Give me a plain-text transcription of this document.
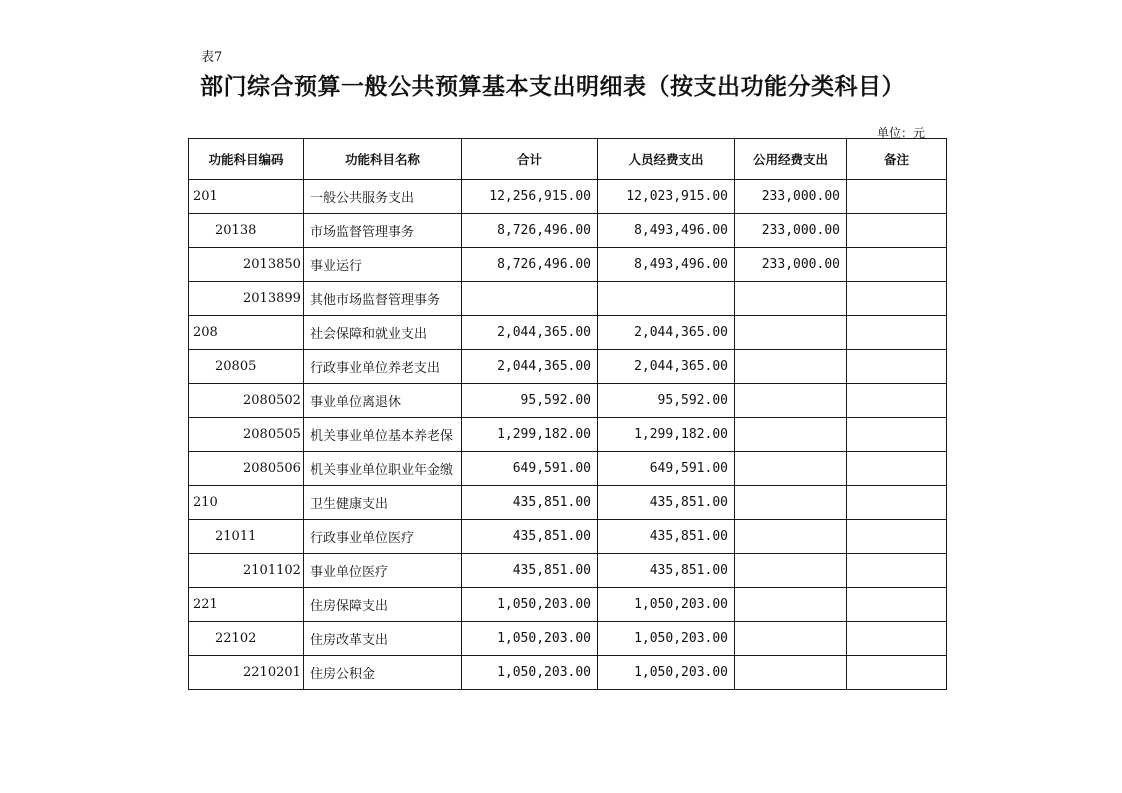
表7
部门综合预算一般公共预算基本支出明细表（按支出功能分类科目）
单位：元
功能科目编码	功能科目名称	合计	人员经费支出	公用经费支出	备注
201	一般公共服务支出	12,256,915.00	12,023,915.00	233,000.00	
20138	市场监督管理事务	8,726,496.00	8,493,496.00	233,000.00	
2013850	事业运行	8,726,496.00	8,493,496.00	233,000.00	
2013899	其他市场监督管理事务				
208	社会保障和就业支出	2,044,365.00	2,044,365.00		
20805	行政事业单位养老支出	2,044,365.00	2,044,365.00		
2080502	事业单位离退休	95,592.00	95,592.00		
2080505	机关事业单位基本养老保	1,299,182.00	1,299,182.00		
2080506	机关事业单位职业年金缴	649,591.00	649,591.00		
210	卫生健康支出	435,851.00	435,851.00		
21011	行政事业单位医疗	435,851.00	435,851.00		
2101102	事业单位医疗	435,851.00	435,851.00		
221	住房保障支出	1,050,203.00	1,050,203.00		
22102	住房改革支出	1,050,203.00	1,050,203.00		
2210201	住房公积金	1,050,203.00	1,050,203.00		
